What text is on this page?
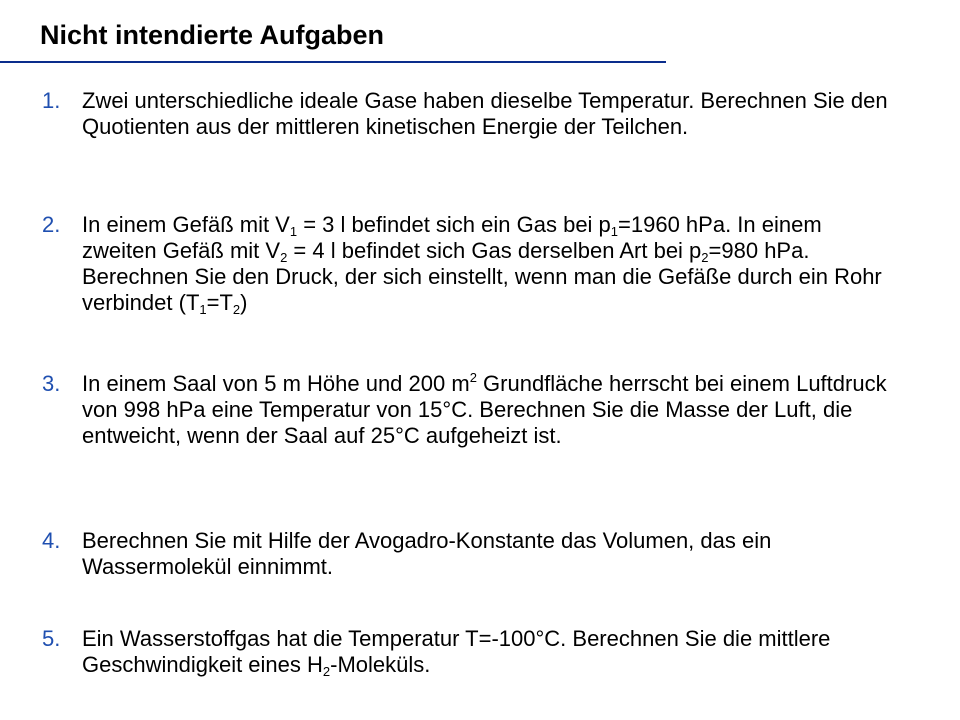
Nicht intendierte Aufgaben
1. Zwei unterschiedliche ideale Gase haben dieselbe Temperatur. Berechnen Sie den Quotienten aus der mittleren kinetischen Energie der Teilchen.
2. In einem Gefäß mit $V_1 = 3$ l befindet sich ein Gas bei $p_1=1960$ hPa. In einem zweiten Gefäß mit $V_2 = 4$ l befindet sich Gas derselben Art bei $p_2=980$ hPa. Berechnen Sie den Druck, der sich einstellt, wenn man die Gefäße durch ein Rohr verbindet $(T_1=T_2)$
3. In einem Saal von 5 m Höhe und 200 $m^2$ Grundfläche herrscht bei einem Luftdruck von 998 hPa eine Temperatur von 15°C. Berechnen Sie die Masse der Luft, die entweicht, wenn der Saal auf 25°C aufgeheizt ist.
4. Berechnen Sie mit Hilfe der Avogadro-Konstante das Volumen, das ein Wassermolekül einnimmt.
5. Ein Wasserstoffgas hat die Temperatur T=-100°C. Berechnen Sie die mittlere Geschwindigkeit eines $H_2$-Moleküls.
